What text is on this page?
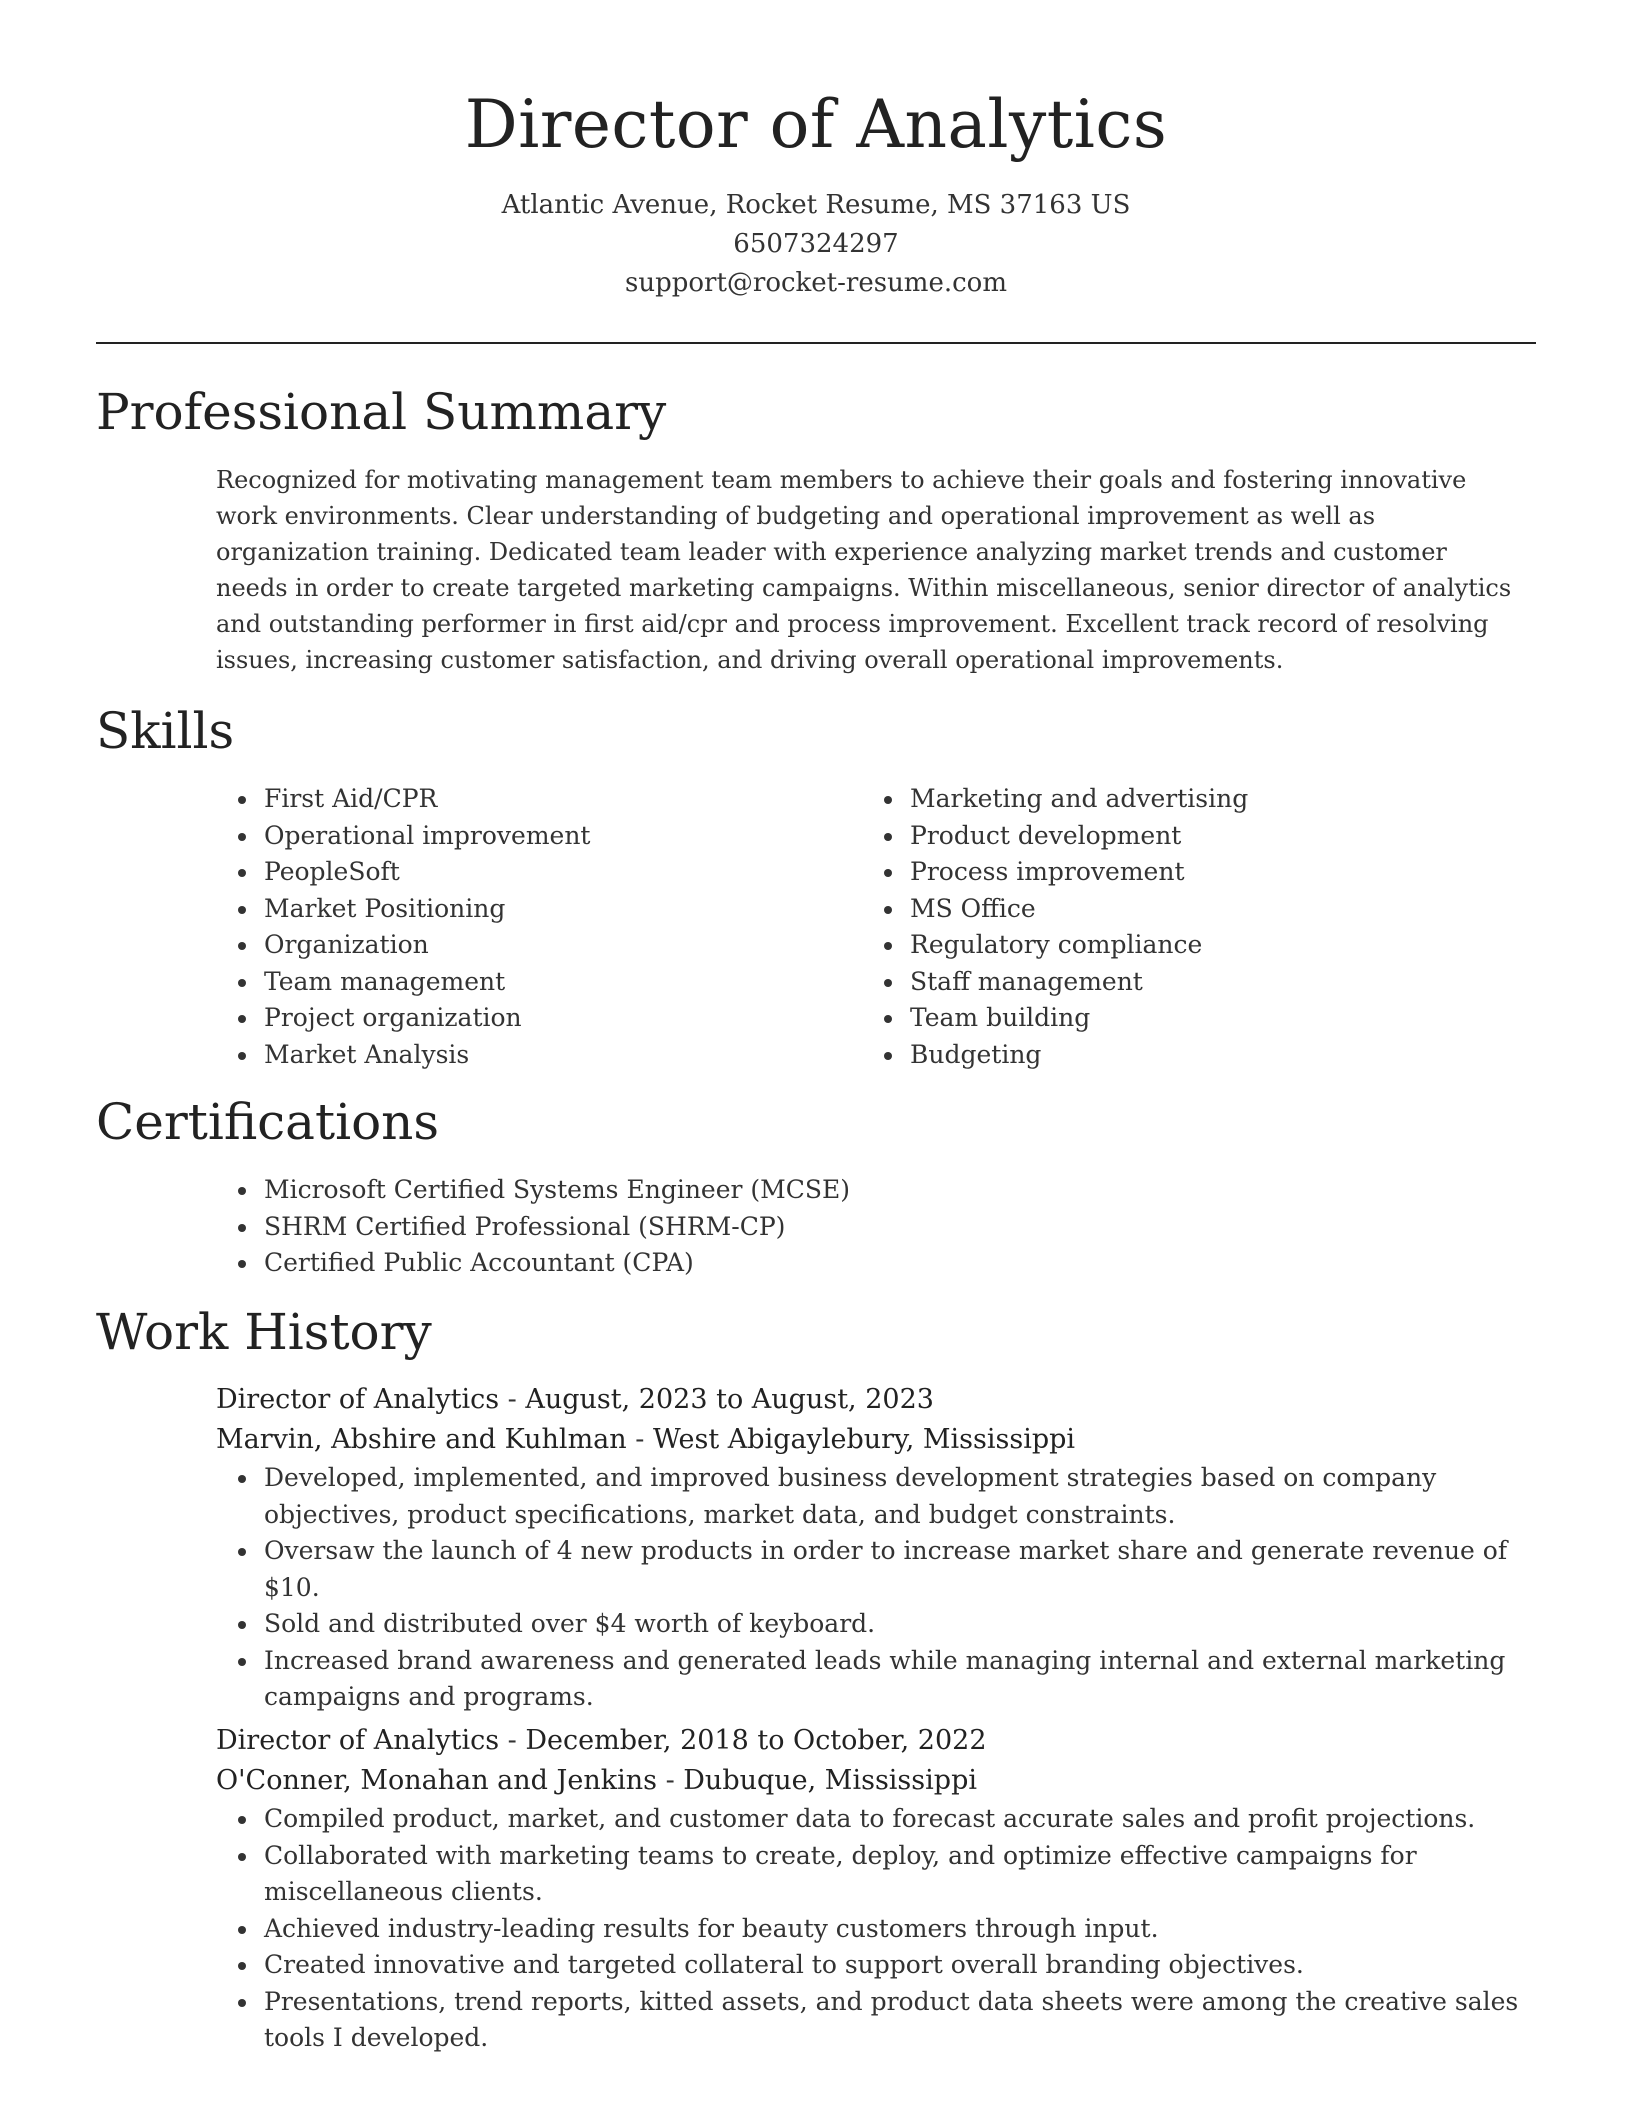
Director of Analytics
Atlantic Avenue, Rocket Resume, MS 37163 US
6507324297
support@rocket-resume.com
Professional Summary

Recognized for motivating management team members to achieve their goals and fostering innovative work environments. Clear understanding of budgeting and operational improvement as well as organization training. Dedicated team leader with experience analyzing market trends and customer needs in order to create targeted marketing campaigns. Within miscellaneous, senior director of analytics and outstanding performer in first aid/cpr and process improvement. Excellent track record of resolving issues, increasing customer satisfaction, and driving overall operational improvements.

Skills
• First Aid/CPR
• Operational improvement
• PeopleSoft
• Market Positioning
• Organization
• Team management
• Project organization
• Market Analysis
• Marketing and advertising
• Product development
• Process improvement
• MS Office
• Regulatory compliance
• Staff management
• Team building
• Budgeting
Certifications
• Microsoft Certified Systems Engineer (MCSE)
• SHRM Certified Professional (SHRM-CP)
• Certified Public Accountant (CPA)
Work History
Director of Analytics - August, 2023 to August, 2023
Marvin, Abshire and Kuhlman - West Abigaylebury, Mississippi
• Developed, implemented, and improved business development strategies based on company objectives, product specifications, market data, and budget constraints.
• Oversaw the launch of 4 new products in order to increase market share and generate revenue of $10.
• Sold and distributed over $4 worth of keyboard.
• Increased brand awareness and generated leads while managing internal and external marketing campaigns and programs.
Director of Analytics - December, 2018 to October, 2022
O'Conner, Monahan and Jenkins - Dubuque, Mississippi
• Compiled product, market, and customer data to forecast accurate sales and profit projections.
• Collaborated with marketing teams to create, deploy, and optimize effective campaigns for miscellaneous clients.
• Achieved industry-leading results for beauty customers through input.
• Created innovative and targeted collateral to support overall branding objectives.
• Presentations, trend reports, kitted assets, and product data sheets were among the creative sales tools I developed.
